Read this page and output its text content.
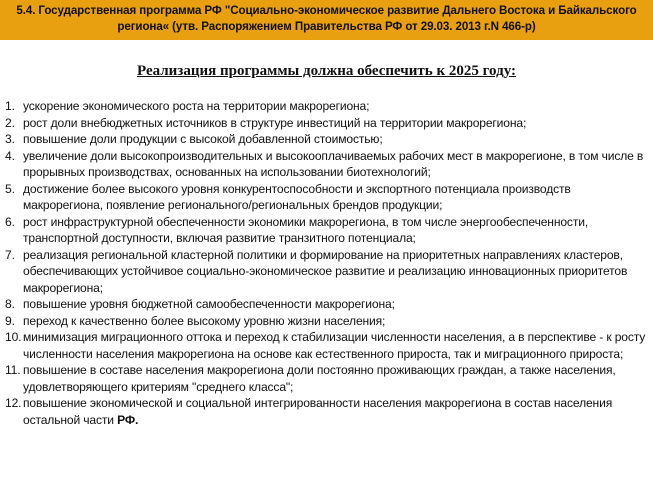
5.4. Государственная программа РФ "Социально-экономическое развитие Дальнего Востока и Байкальского региона« (утв. Распоряжением Правительства РФ от 29.03. 2013 г.N 466-р)
Реализация программы должна обеспечить к 2025 году:
1. ускорение экономического роста на территории макрорегиона;
2. рост доли внебюджетных источников в структуре инвестиций на территории макрорегиона;
3. повышение доли продукции с высокой добавленной стоимостью;
4. увеличение доли высокопроизводительных и высокооплачиваемых рабочих мест в макрорегионе, в том числе в прорывных производствах, основанных на использовании биотехнологий;
5. достижение более высокого уровня конкурентоспособности и экспортного потенциала производств макрорегиона, появление регионального/региональных брендов продукции;
6. рост инфраструктурной обеспеченности экономики макрорегиона, в том числе энергообеспеченности, транспортной доступности, включая развитие транзитного потенциала;
7. реализация региональной кластерной политики и формирование на приоритетных направлениях кластеров, обеспечивающих устойчивое социально-экономическое развитие и реализацию инновационных приоритетов макрорегиона;
8. повышение уровня бюджетной самообеспеченности макрорегиона;
9. переход к качественно более высокому уровню жизни населения;
10. минимизация миграционного оттока и переход к стабилизации численности населения, а в перспективе - к росту численности населения макрорегиона на основе как естественного прироста, так и миграционного прироста;
11. повышение в составе населения макрорегиона доли постоянно проживающих граждан, а также населения, удовлетворяющего критериям "среднего класса";
12. повышение экономической и социальной интегрированности населения макрорегиона в состав населения остальной части РФ.
